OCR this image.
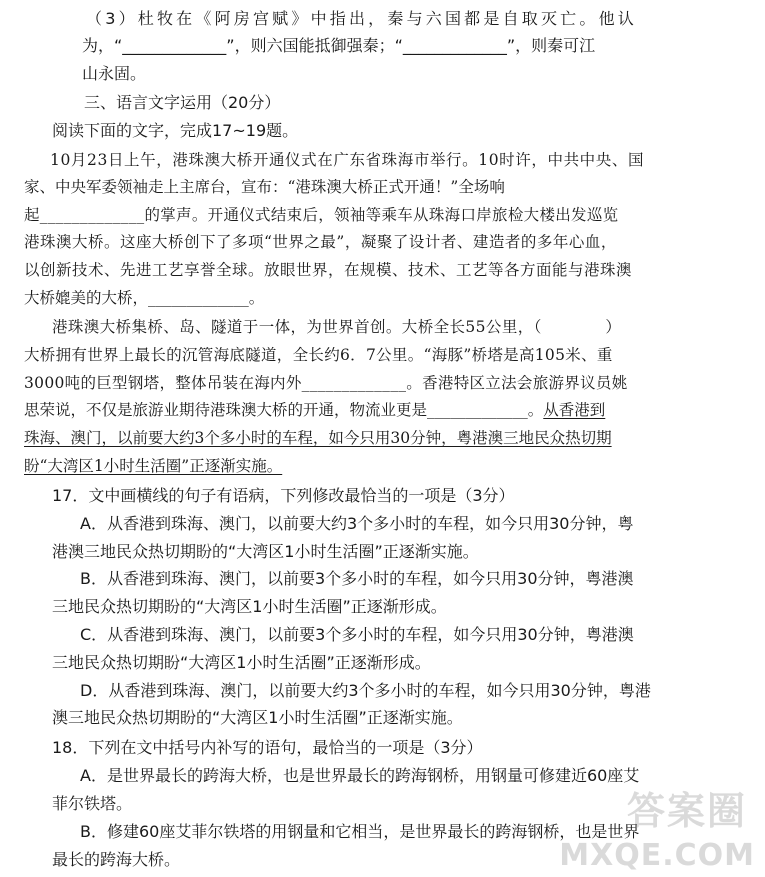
（3）杜牧在《阿房宫赋》中指出，秦与六国都是自取灭亡。他认
为，“_____________”，则六国能抵御强秦；“_____________”，则秦可江
山永固。
三、语言文字运用（20分）
阅读下面的文字，完成17~19题。
10月23日上午，港珠澳大桥开通仪式在广东省珠海市举行。10时许，中共中央、国
家、中央军委领袖走上主席台，宣布：“港珠澳大桥正式开通！”全场响
起_____________的掌声。开通仪式结束后，领袖等乘车从珠海口岸旅检大楼出发巡览
港珠澳大桥。这座大桥创下了多项“世界之最”，凝聚了设计者、建造者的多年心血，
以创新技术、先进工艺享誉全球。放眼世界，在规模、技术、工艺等各方面能与港珠澳
大桥媲美的大桥，_____________。
港珠澳大桥集桥、岛、隧道于一体，为世界首创。大桥全长55公里，（　　　　）
大桥拥有世界上最长的沉管海底隧道，全长约6．7公里。“海豚”桥塔是高105米、重
3000吨的巨型钢塔，整体吊装在海内外_____________。香港特区立法会旅游界议员姚
思荣说，不仅是旅游业期待港珠澳大桥的开通，物流业更是_____________。从香港到
珠海、澳门，以前要大约3个多小时的车程，如今只用30分钟，粤港澳三地民众热切期
盼“大湾区1小时生活圈”正逐渐实施。
17．文中画横线的句子有语病，下列修改最恰当的一项是（3分）
A．从香港到珠海、澳门，以前要大约3个多小时的车程，如今只用30分钟，粤
港澳三地民众热切期盼的“大湾区1小时生活圈”正逐渐实施。
B．从香港到珠海、澳门，以前要3个多小时的车程，如今只用30分钟，粤港澳
三地民众热切期盼的“大湾区1小时生活圈”正逐渐形成。
C．从香港到珠海、澳门，以前要3个多小时的车程，如今只用30分钟，粤港澳
三地民众热切期盼“大湾区1小时生活圈”正逐渐形成。
D．从香港到珠海、澳门，以前要大约3个多小时的车程，如今只用30分钟，粤港
澳三地民众热切期盼的“大湾区1小时生活圈”正逐渐实施。
18．下列在文中括号内补写的语句，最恰当的一项是（3分）
A．是世界最长的跨海大桥，也是世界最长的跨海钢桥，用钢量可修建近60座艾
菲尔铁塔。
B．修建60座艾菲尔铁塔的用钢量和它相当，是世界最长的跨海钢桥，也是世界
最长的跨海大桥。
答案圈
MXQE.COM
